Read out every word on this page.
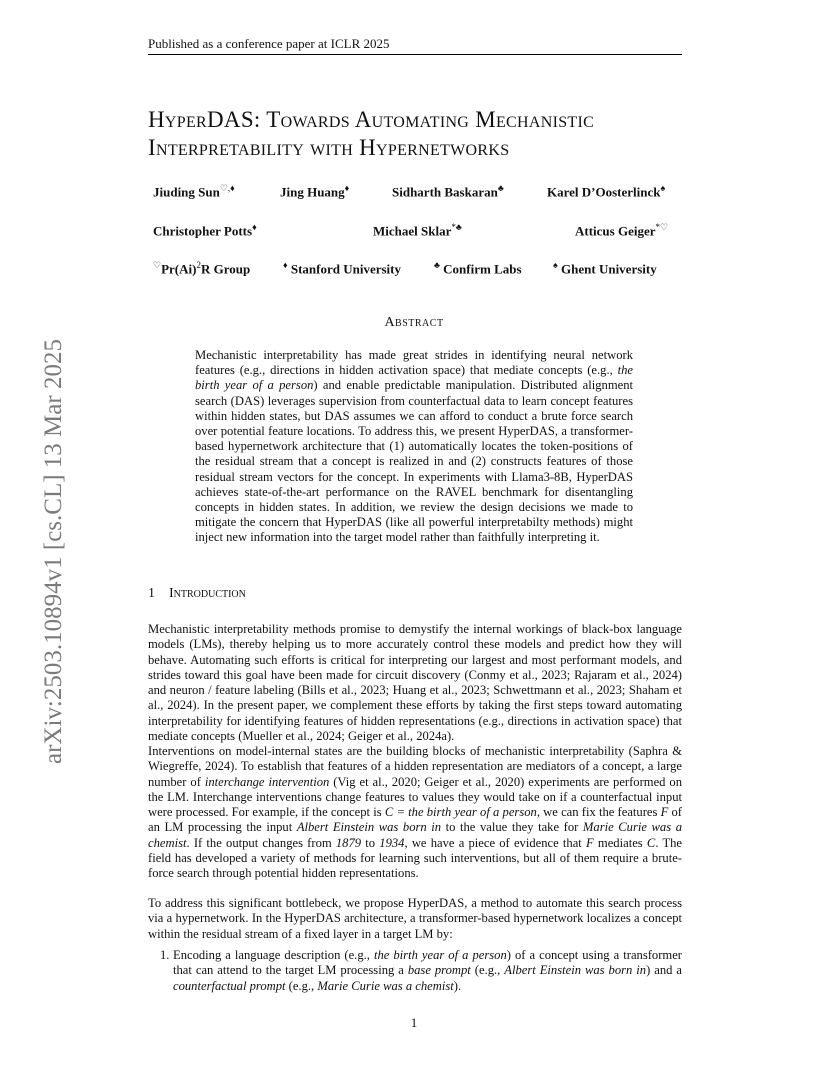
Published as a conference paper at ICLR 2025
arXiv:2503.10894v1 [cs.CL] 13 Mar 2025
HyperDAS: Towards Automating Mechanistic
Interpretability with Hypernetworks
Jiuding Sun♡,♦	Jing Huang♦	Sidharth Baskaran♣	Karel D’Oosterlinck♠
Christopher Potts♦	Michael Sklar*♣	Atticus Geiger*♡
$^♡Pr(Ai)^2R$ Group	♦ Stanford University	♣ Confirm Labs	♠ Ghent University
Abstract
Mechanistic interpretability has made great strides in identifying neural network features (e.g., directions in hidden activation space) that mediate concepts (e.g., the birth year of a person) and enable predictable manipulation. Distributed alignment search (DAS) leverages supervision from counterfactual data to learn concept features within hidden states, but DAS assumes we can afford to conduct a brute force search over potential feature locations. To address this, we present HyperDAS, a transformer-based hypernetwork architecture that (1) automatically locates the token-positions of the residual stream that a concept is realized in and (2) constructs features of those residual stream vectors for the concept. In experiments with Llama3-8B, HyperDAS achieves state-of-the-art performance on the RAVEL benchmark for disentangling concepts in hidden states. In addition, we review the design decisions we made to mitigate the concern that HyperDAS (like all powerful interpretabilty methods) might inject new information into the target model rather than faithfully interpreting it.
1 Introduction
Mechanistic interpretability methods promise to demystify the internal workings of black-box language models (LMs), thereby helping us to more accurately control these models and predict how they will behave. Automating such efforts is critical for interpreting our largest and most performant models, and strides toward this goal have been made for circuit discovery (Conmy et al., 2023; Rajaram et al., 2024) and neuron / feature labeling (Bills et al., 2023; Huang et al., 2023; Schwettmann et al., 2023; Shaham et al., 2024). In the present paper, we complement these efforts by taking the first steps toward automating interpretability for identifying features of hidden representations (e.g., directions in activation space) that mediate concepts (Mueller et al., 2024; Geiger et al., 2024a).
Interventions on model-internal states are the building blocks of mechanistic interpretability (Saphra & Wiegreffe, 2024). To establish that features of a hidden representation are mediators of a concept, a large number of interchange intervention (Vig et al., 2020; Geiger et al., 2020) experiments are performed on the LM. Interchange interventions change features to values they would take on if a counterfactual input were processed. For example, if the concept is C = the birth year of a person, we can fix the features F of an LM processing the input Albert Einstein was born in to the value they take for Marie Curie was a chemist. If the output changes from 1879 to 1934, we have a piece of evidence that F mediates C. The field has developed a variety of methods for learning such interventions, but all of them require a brute-force search through potential hidden representations.
To address this significant bottlebeck, we propose HyperDAS, a method to automate this search process via a hypernetwork. In the HyperDAS architecture, a transformer-based hypernetwork localizes a concept within the residual stream of a fixed layer in a target LM by:
1. Encoding a language description (e.g., the birth year of a person) of a concept using a transformer that can attend to the target LM processing a base prompt (e.g., Albert Einstein was born in) and a counterfactual prompt (e.g., Marie Curie was a chemist).
1
